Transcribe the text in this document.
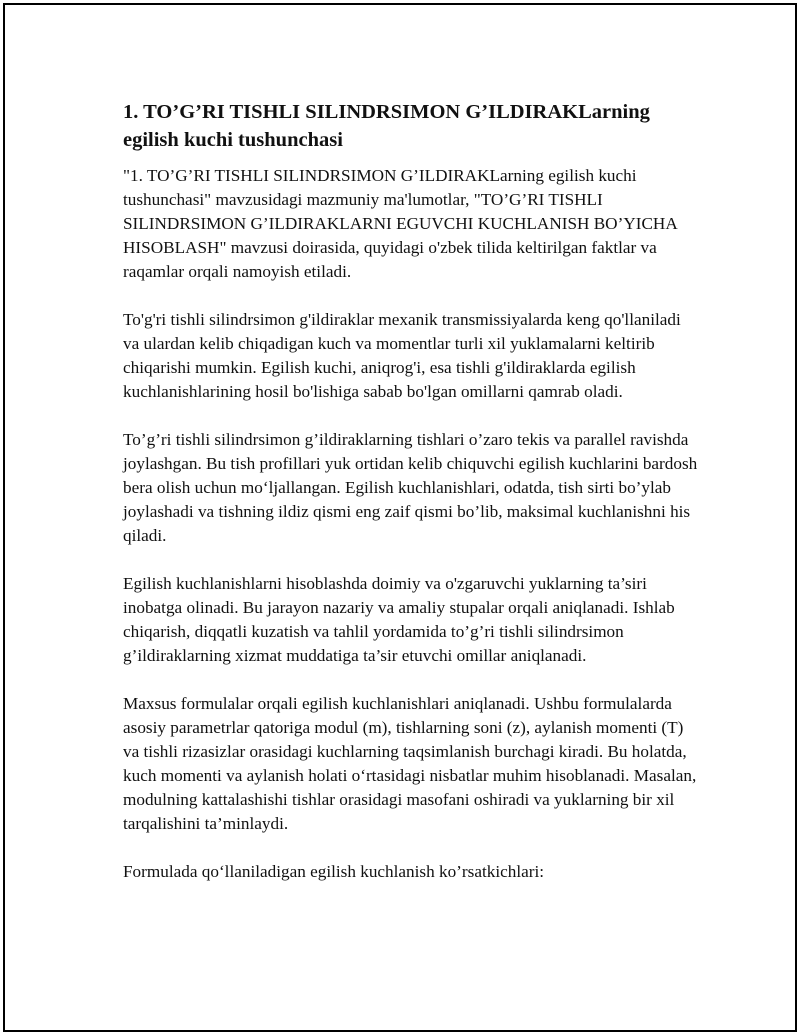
1. TO’G’RI TISHLI SILINDRSIMON G’ILDIRAKLarning egilish kuchi tushunchasi

"1. TO’G’RI TISHLI SILINDRSIMON G’ILDIRAKLarning egilish kuchi tushunchasi" mavzusidagi mazmuniy ma'lumotlar, "TO’G’RI TISHLI SILINDRSIMON G’ILDIRAKLARNI EGUVCHI KUCHLANISH BO’YICHA HISOBLASH" mavzusi doirasida, quyidagi o'zbek tilida keltirilgan faktlar va raqamlar orqali namoyish etiladi.

To'g'ri tishli silindrsimon g'ildiraklar mexanik transmissiyalarda keng qo'llaniladi va ulardan kelib chiqadigan kuch va momentlar turli xil yuklamalarni keltirib chiqarishi mumkin. Egilish kuchi, aniqrog'i, esa tishli g'ildiraklarda egilish kuchlanishlarining hosil bo'lishiga sabab bo'lgan omillarni qamrab oladi.

To’g’ri tishli silindrsimon g’ildiraklarning tishlari o’zaro tekis va parallel ravishda joylashgan. Bu tish profillari yuk ortidan kelib chiquvchi egilish kuchlarini bardosh bera olish uchun mo‘ljallangan. Egilish kuchlanishlari, odatda, tish sirti bo’ylab joylashadi va tishning ildiz qismi eng zaif qismi bo’lib, maksimal kuchlanishni his qiladi.

Egilish kuchlanishlarni hisoblashda doimiy va o'zgaruvchi yuklarning ta’siri inobatga olinadi. Bu jarayon nazariy va amaliy stupalar orqali aniqlanadi. Ishlab chiqarish, diqqatli kuzatish va tahlil yordamida to’g’ri tishli silindrsimon g’ildiraklarning xizmat muddatiga ta’sir etuvchi omillar aniqlanadi.

Maxsus formulalar orqali egilish kuchlanishlari aniqlanadi. Ushbu formulalarda asosiy parametrlar qatoriga modul (m), tishlarning soni (z), aylanish momenti (T) va tishli rizasizlar orasidagi kuchlarning taqsimlanish burchagi kiradi. Bu holatda, kuch momenti va aylanish holati o‘rtasidagi nisbatlar muhim hisoblanadi. Masalan, modulning kattalashishi tishlar orasidagi masofani oshiradi va yuklarning bir xil tarqalishini ta’minlaydi.

Formulada qo‘llaniladigan egilish kuchlanish ko’rsatkichlari:
